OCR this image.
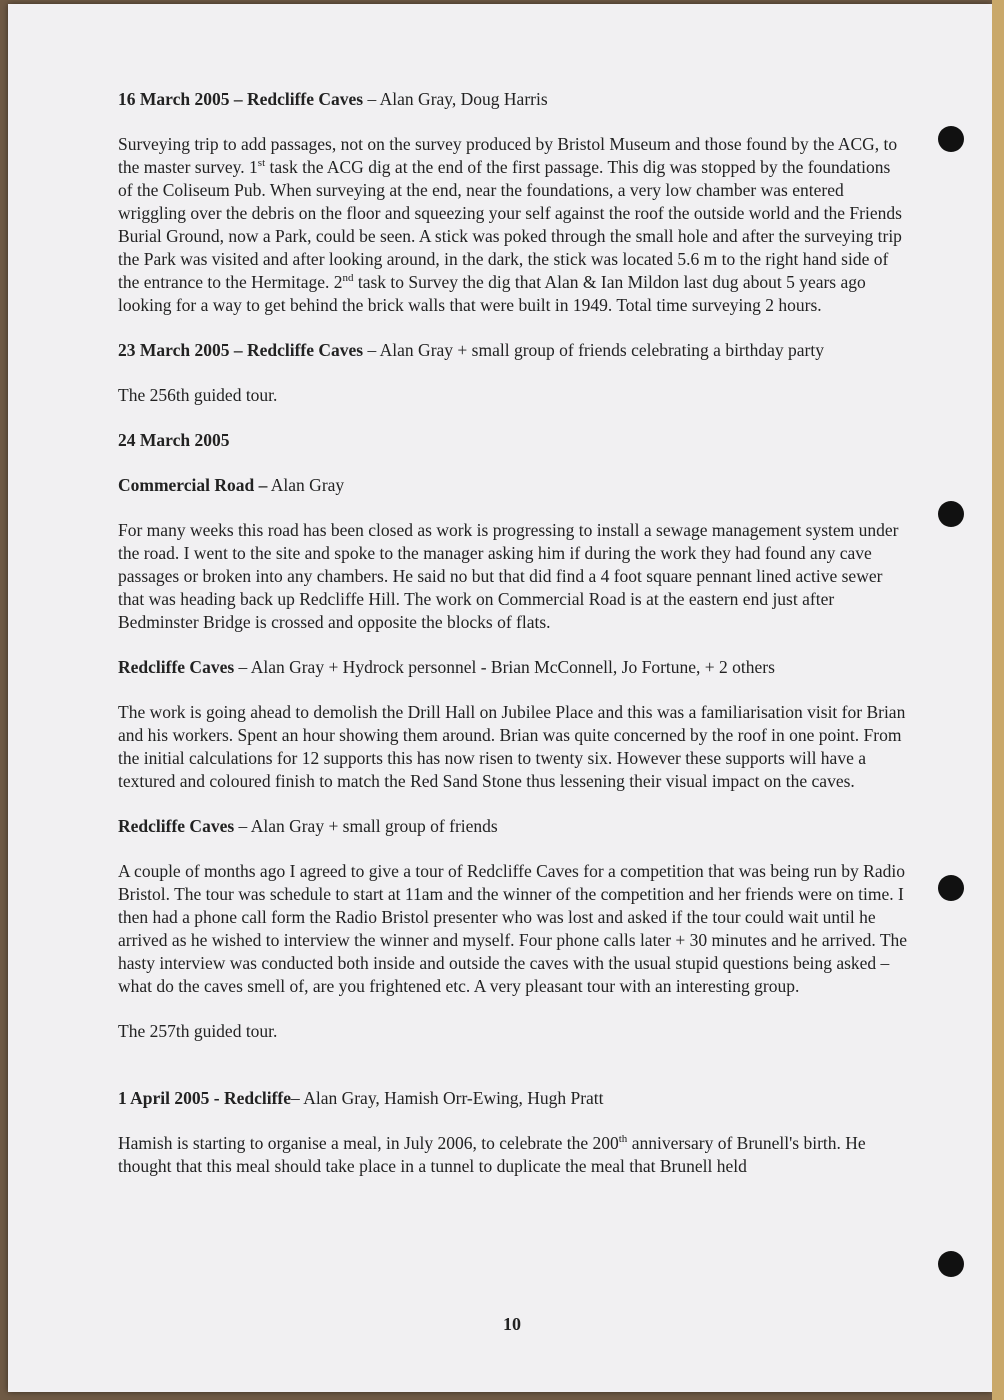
16 March 2005 – Redcliffe Caves – Alan Gray, Doug Harris

Surveying trip to add passages, not on the survey produced by Bristol Museum and those found by the ACG, to the master survey. 1st task the ACG dig at the end of the first passage. This dig was stopped by the foundations of the Coliseum Pub. When surveying at the end, near the foundations, a very low chamber was entered wriggling over the debris on the floor and squeezing your self against the roof the outside world and the Friends Burial Ground, now a Park, could be seen. A stick was poked through the small hole and after the surveying trip the Park was visited and after looking around, in the dark, the stick was located 5.6 m to the right hand side of the entrance to the Hermitage. 2nd task to Survey the dig that Alan & Ian Mildon last dug about 5 years ago looking for a way to get behind the brick walls that were built in 1949. Total time surveying 2 hours.

23 March 2005 – Redcliffe Caves – Alan Gray + small group of friends celebrating a birthday party

The 256th guided tour.

24 March 2005

Commercial Road – Alan Gray

For many weeks this road has been closed as work is progressing to install a sewage management system under the road. I went to the site and spoke to the manager asking him if during the work they had found any cave passages or broken into any chambers. He said no but that did find a 4 foot square pennant lined active sewer that was heading back up Redcliffe Hill. The work on Commercial Road is at the eastern end just after Bedminster Bridge is crossed and opposite the blocks of flats.

Redcliffe Caves – Alan Gray + Hydrock personnel - Brian McConnell, Jo Fortune, + 2 others

The work is going ahead to demolish the Drill Hall on Jubilee Place and this was a familiarisation visit for Brian and his workers. Spent an hour showing them around. Brian was quite concerned by the roof in one point. From the initial calculations for 12 supports this has now risen to twenty six. However these supports will have a textured and coloured finish to match the Red Sand Stone thus lessening their visual impact on the caves.

Redcliffe Caves – Alan Gray + small group of friends

A couple of months ago I agreed to give a tour of Redcliffe Caves for a competition that was being run by Radio Bristol. The tour was schedule to start at 11am and the winner of the competition and her friends were on time. I then had a phone call form the Radio Bristol presenter who was lost and asked if the tour could wait until he arrived as he wished to interview the winner and myself. Four phone calls later + 30 minutes and he arrived. The hasty interview was conducted both inside and outside the caves with the usual stupid questions being asked – what do the caves smell of, are you frightened etc. A very pleasant tour with an interesting group.

The 257th guided tour.

1 April 2005 - Redcliffe– Alan Gray, Hamish Orr-Ewing, Hugh Pratt

Hamish is starting to organise a meal, in July 2006, to celebrate the 200th anniversary of Brunell's birth. He thought that this meal should take place in a tunnel to duplicate the meal that Brunell held

10
